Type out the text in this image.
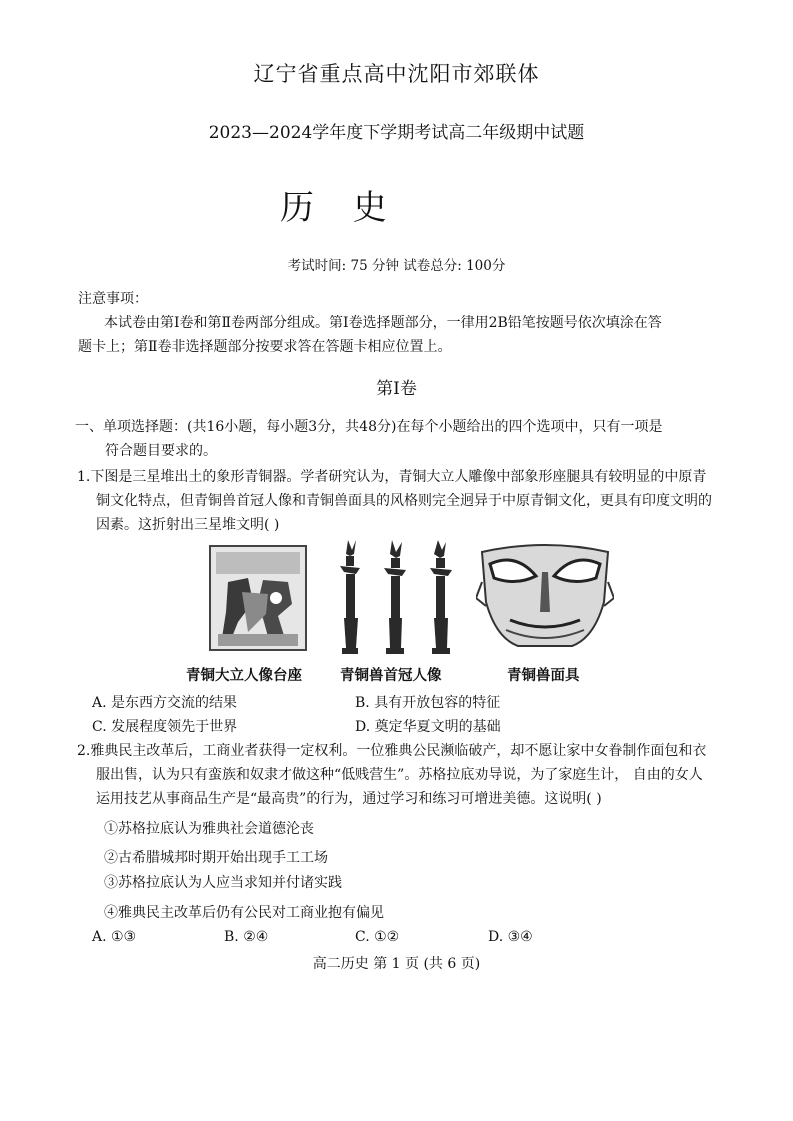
辽宁省重点高中沈阳市郊联体
2023—2024学年度下学期考试高二年级期中试题
历 史
考试时间: 75 分钟 试卷总分: 100分
注意事项：
本试卷由第Ⅰ卷和第Ⅱ卷两部分组成。第Ⅰ卷选择题部分，一律用2B铅笔按题号依次填涂在答
题卡上；第Ⅱ卷非选择题部分按要求答在答题卡相应位置上。
第Ⅰ卷
一、单项选择题：(共16小题，每小题3分，共48分)在每个小题给出的四个选项中，只有一项是
符合题目要求的。
1.下图是三星堆出土的象形青铜器。学者研究认为，青铜大立人雕像中部象形座腿具有较明显的中原青
铜文化特点，但青铜兽首冠人像和青铜兽面具的风格则完全迥异于中原青铜文化，更具有印度文明的
因素。这折射出三星堆文明( )
青铜大立人像台座	青铜兽首冠人像	青铜兽面具
A. 是东西方交流的结果	B. 具有开放包容的特征
C. 发展程度领先于世界	D. 奠定华夏文明的基础
2.雅典民主改革后，工商业者获得一定权利。一位雅典公民濒临破产，却不愿让家中女眷制作面包和衣
服出售，认为只有蛮族和奴隶才做这种“低贱营生”。苏格拉底劝导说，为了家庭生计， 自由的女人
运用技艺从事商品生产是“最高贵”的行为，通过学习和练习可增进美德。这说明( )
①苏格拉底认为雅典社会道德沦丧
②古希腊城邦时期开始出现手工工场
③苏格拉底认为人应当求知并付诸实践
④雅典民主改革后仍有公民对工商业抱有偏见
A. ①③	B. ②④	C. ①②	D. ③④
高二历史 第 1 页 (共 6 页)
